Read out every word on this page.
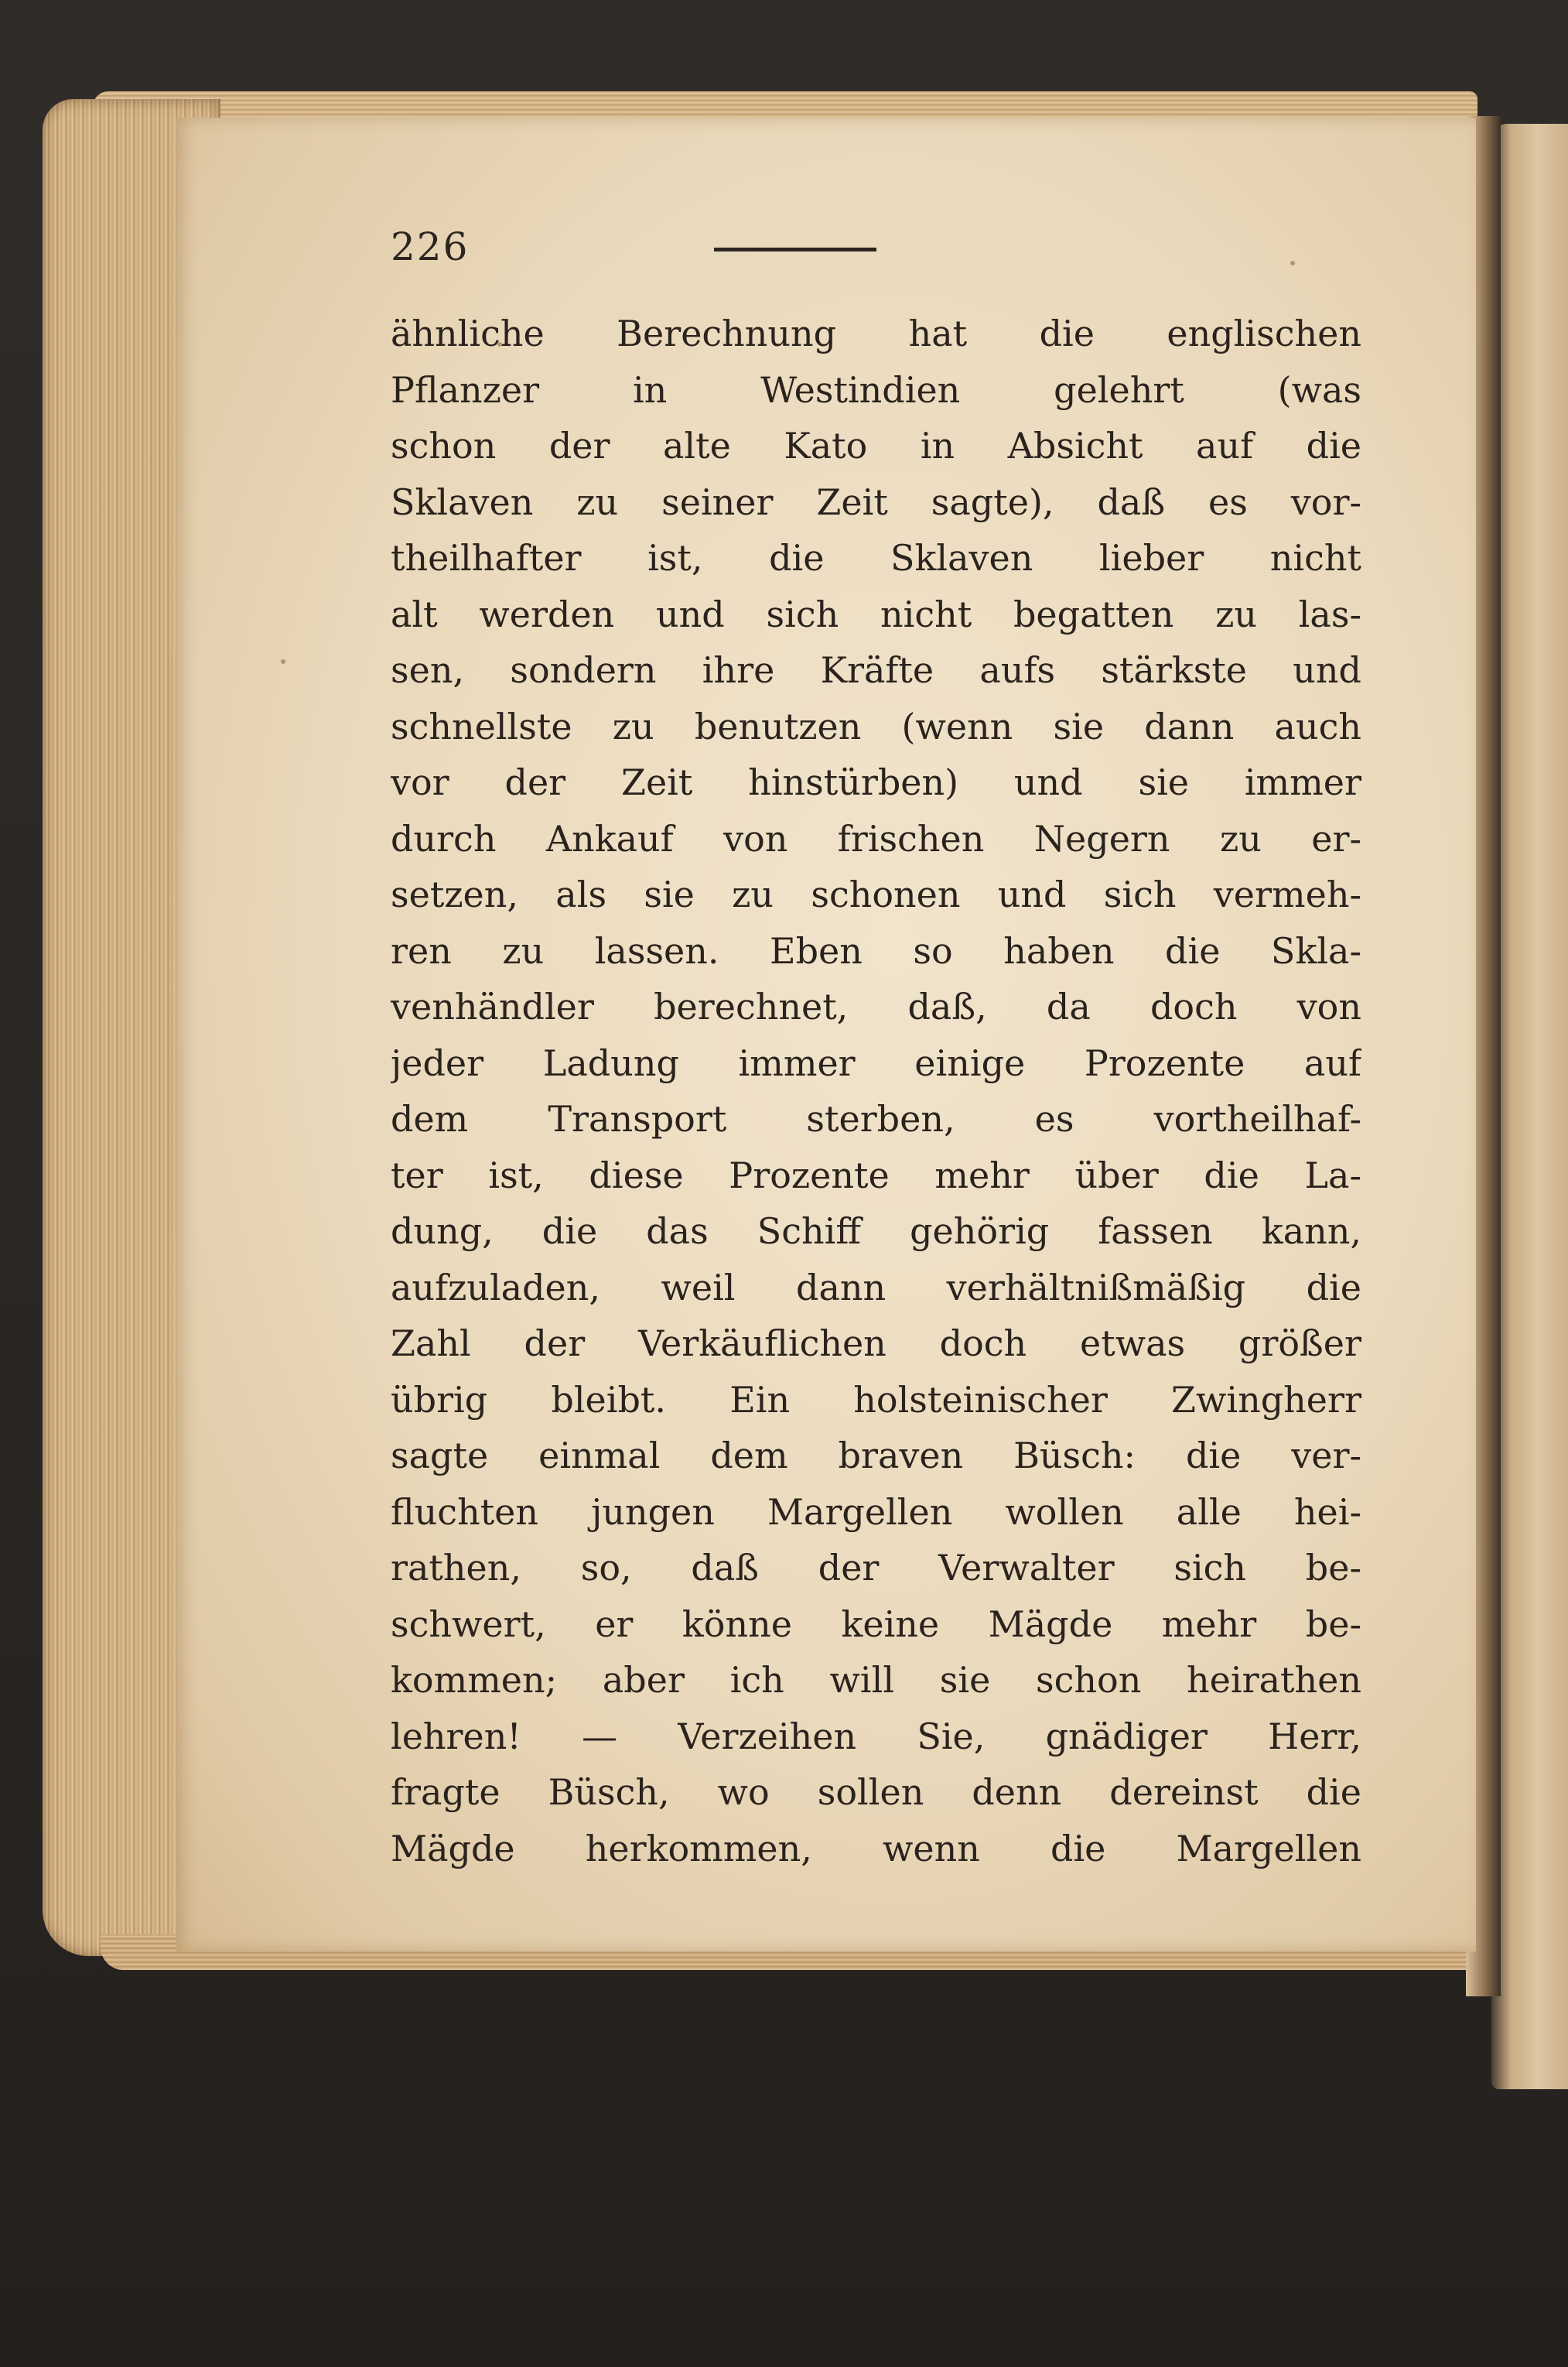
226
ähnliche Berechnung hat die englischen
Pflanzer in Westindien gelehrt (was
schon der alte Kato in Absicht auf die
Sklaven zu seiner Zeit sagte), daß es vor-
theilhafter ist, die Sklaven lieber nicht
alt werden und sich nicht begatten zu las-
sen, sondern ihre Kräfte aufs stärkste und
schnellste zu benutzen (wenn sie dann auch
vor der Zeit hinstürben) und sie immer
durch Ankauf von frischen Negern zu er-
setzen, als sie zu schonen und sich vermeh-
ren zu lassen. Eben so haben die Skla-
venhändler berechnet, daß, da doch von
jeder Ladung immer einige Prozente auf
dem Transport sterben, es vortheilhaf-
ter ist, diese Prozente mehr über die La-
dung, die das Schiff gehörig fassen kann,
aufzuladen, weil dann verhältnißmäßig die
Zahl der Verkäuflichen doch etwas größer
übrig bleibt. Ein holsteinischer Zwingherr
sagte einmal dem braven Büsch: die ver-
fluchten jungen Margellen wollen alle hei-
rathen, so, daß der Verwalter sich be-
schwert, er könne keine Mägde mehr be-
kommen; aber ich will sie schon heirathen
lehren! — Verzeihen Sie, gnädiger Herr,
fragte Büsch, wo sollen denn dereinst die
Mägde herkommen, wenn die Margellen
